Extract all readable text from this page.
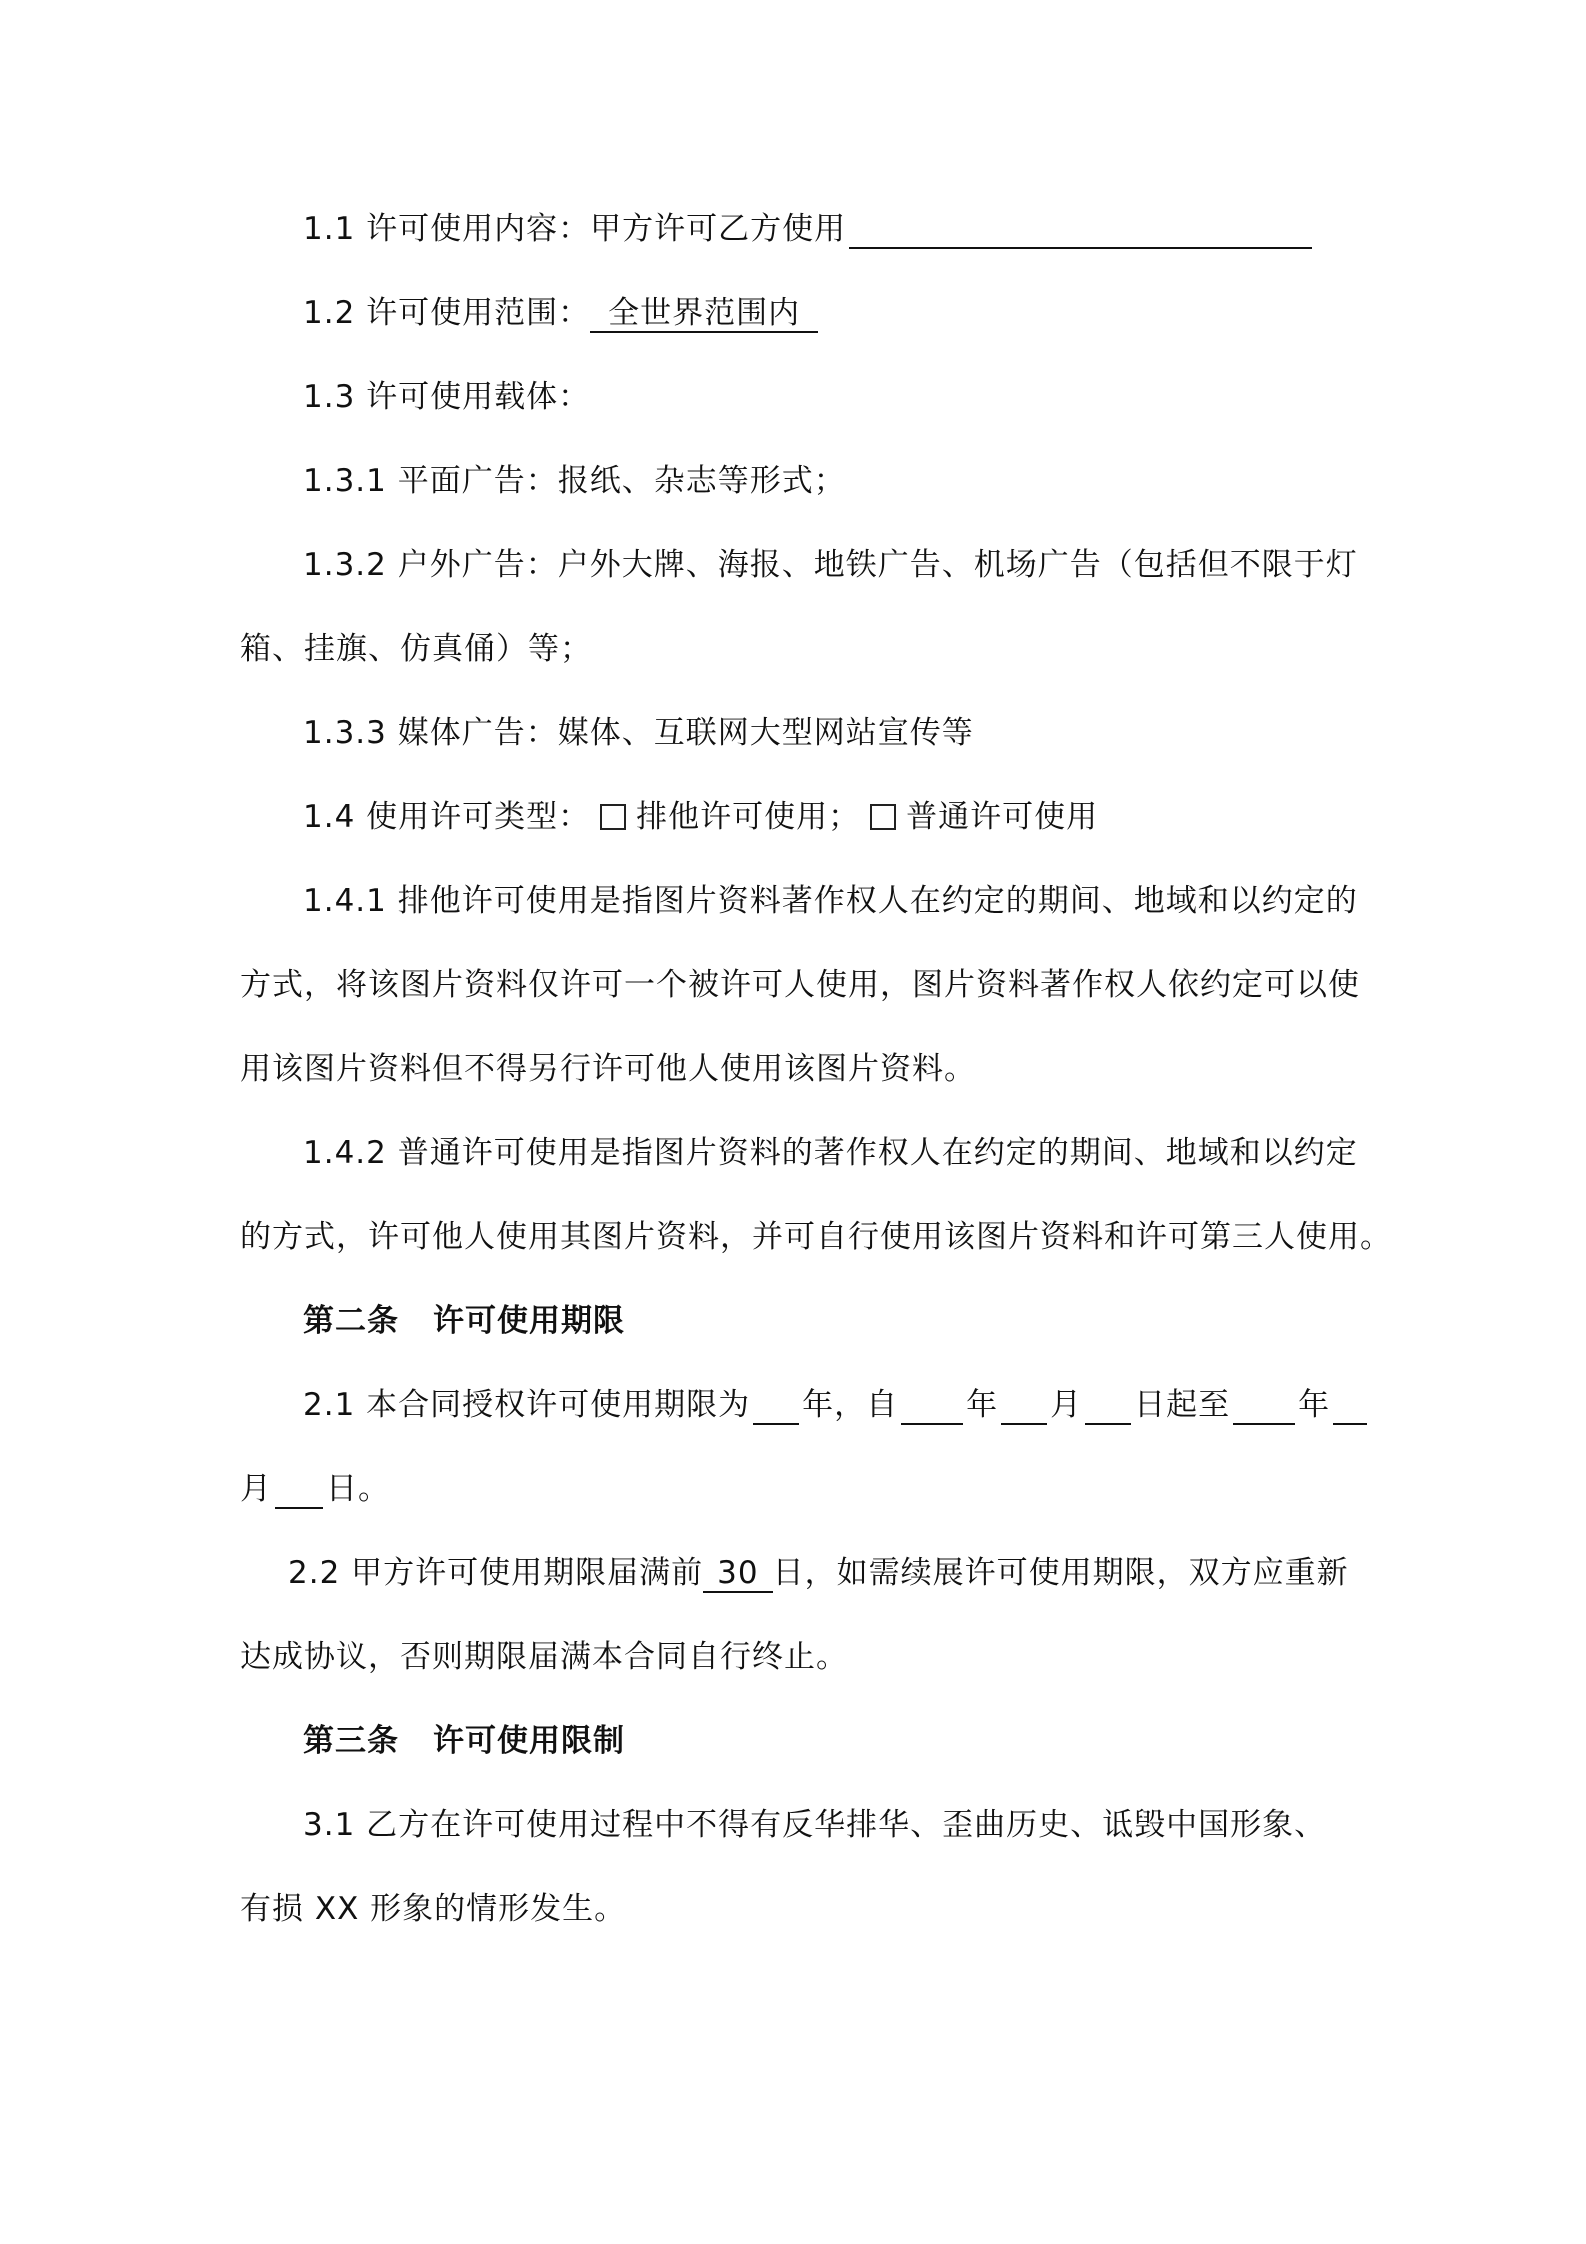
1.1 许可使用内容：甲方许可乙方使用
1.2 许可使用范围： 全世界范围内
1.3 许可使用载体：
1.3.1 平面广告：报纸、杂志等形式；
1.3.2 户外广告：户外大牌、海报、地铁广告、机场广告（包括但不限于灯
箱、挂旗、仿真俑）等；
1.3.3 媒体广告：媒体、互联网大型网站宣传等
1.4 使用许可类型： 排他许可使用； 普通许可使用
1.4.1 排他许可使用是指图片资料著作权人在约定的期间、地域和以约定的
方式，将该图片资料仅许可一个被许可人使用，图片资料著作权人依约定可以使
用该图片资料但不得另行许可他人使用该图片资料。
1.4.2 普通许可使用是指图片资料的著作权人在约定的期间、地域和以约定
的方式，许可他人使用其图片资料，并可自行使用该图片资料和许可第三人使用。
第二条 许可使用期限
2.1 本合同授权许可使用期限为 年，自 年 月 日起至 年
月 日。
2.2 甲方许可使用期限届满前 30 日，如需续展许可使用期限，双方应重新
达成协议，否则期限届满本合同自行终止。
第三条 许可使用限制
3.1 乙方在许可使用过程中不得有反华排华、歪曲历史、诋毁中国形象、
有损 XX 形象的情形发生。
